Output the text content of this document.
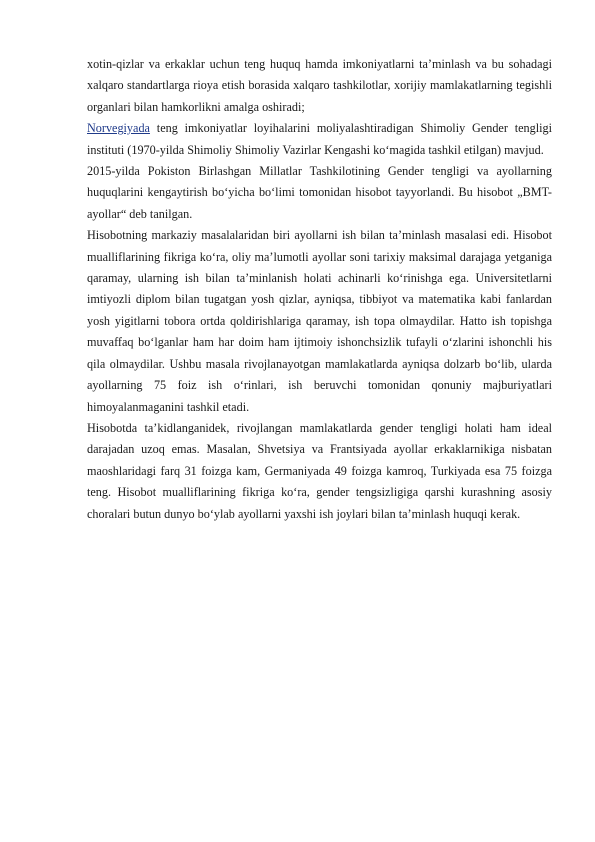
xotin-qizlar va erkaklar uchun teng huquq hamda imkoniyatlarni taʼminlash va bu sohadagi xalqaro standartlarga rioya etish borasida xalqaro tashkilotlar, xorijiy mamlakatlarning tegishli organlari bilan hamkorlikni amalga oshiradi;

Norvegiyada teng imkoniyatlar loyihalarini moliyalashtiradigan Shimoliy Gender tengligi instituti (1970-yilda Shimoliy Shimoliy Vazirlar Kengashi koʻmagida tashkil etilgan) mavjud.

2015-yilda Pokiston Birlashgan Millatlar Tashkilotining Gender tengligi va ayollarning huquqlarini kengaytirish boʻyicha boʻlimi tomonidan hisobot tayyorlandi. Bu hisobot „BMT-ayollar“ deb tanilgan.

Hisobotning markaziy masalalaridan biri ayollarni ish bilan taʼminlash masalasi edi. Hisobot mualliflarining fikriga koʻra, oliy maʼlumotli ayollar soni tarixiy maksimal darajaga yetganiga qaramay, ularning ish bilan taʼminlanish holati achinarli koʻrinishga ega. Universitetlarni imtiyozli diplom bilan tugatgan yosh qizlar, ayniqsa, tibbiyot va matematika kabi fanlardan yosh yigitlarni tobora ortda qoldirishlariga qaramay, ish topa olmaydilar. Hatto ish topishga muvaffaq boʻlganlar ham har doim ham ijtimoiy ishonchsizlik tufayli oʻzlarini ishonchli his qila olmaydilar. Ushbu masala rivojlanayotgan mamlakatlarda ayniqsa dolzarb boʻlib, ularda ayollarning 75 foiz ish oʻrinlari, ish beruvchi tomonidan qonuniy majburiyatlari himoyalanmaganini tashkil etadi.

Hisobotda taʼkidlanganidek, rivojlangan mamlakatlarda gender tengligi holati ham ideal darajadan uzoq emas. Masalan, Shvetsiya va Frantsiyada ayollar erkaklarnikiga nisbatan maoshlaridagi farq 31 foizga kam, Germaniyada 49 foizga kamroq, Turkiyada esa 75 foizga teng. Hisobot mualliflarining fikriga koʻra, gender tengsizligiga qarshi kurashning asosiy choralari butun dunyo boʻylab ayollarni yaxshi ish joylari bilan taʼminlash huquqi kerak.
